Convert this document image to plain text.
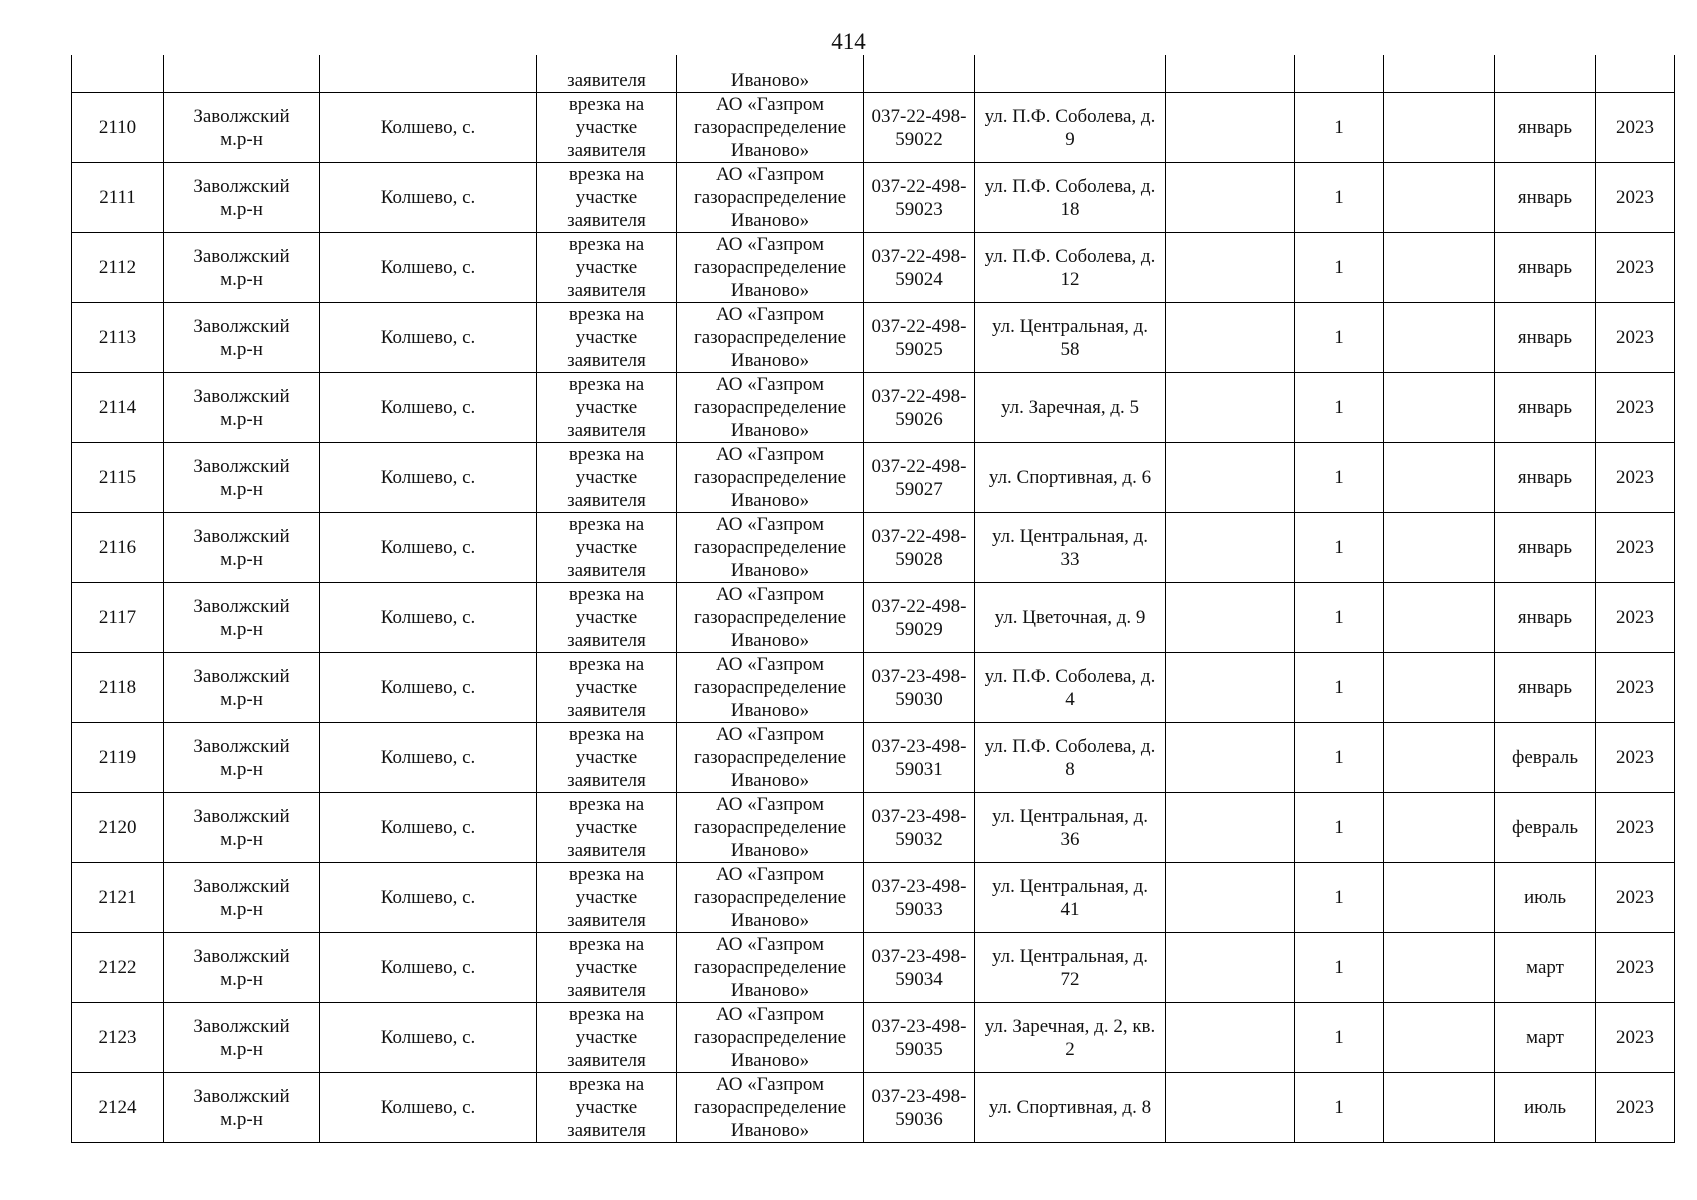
414
			заявителя	Иваново»							
2110	Заволжский м.р-н	Колшево, с.	врезка на участке заявителя	АО «Газпром газораспределение Иваново»	037-22-498-59022	ул. П.Ф. Соболева, д. 9		1		январь	2023
2111	Заволжский м.р-н	Колшево, с.	врезка на участке заявителя	АО «Газпром газораспределение Иваново»	037-22-498-59023	ул. П.Ф. Соболева, д. 18		1		январь	2023
2112	Заволжский м.р-н	Колшево, с.	врезка на участке заявителя	АО «Газпром газораспределение Иваново»	037-22-498-59024	ул. П.Ф. Соболева, д. 12		1		январь	2023
2113	Заволжский м.р-н	Колшево, с.	врезка на участке заявителя	АО «Газпром газораспределение Иваново»	037-22-498-59025	ул. Центральная, д. 58		1		январь	2023
2114	Заволжский м.р-н	Колшево, с.	врезка на участке заявителя	АО «Газпром газораспределение Иваново»	037-22-498-59026	ул. Заречная, д. 5		1		январь	2023
2115	Заволжский м.р-н	Колшево, с.	врезка на участке заявителя	АО «Газпром газораспределение Иваново»	037-22-498-59027	ул. Спортивная, д. 6		1		январь	2023
2116	Заволжский м.р-н	Колшево, с.	врезка на участке заявителя	АО «Газпром газораспределение Иваново»	037-22-498-59028	ул. Центральная, д. 33		1		январь	2023
2117	Заволжский м.р-н	Колшево, с.	врезка на участке заявителя	АО «Газпром газораспределение Иваново»	037-22-498-59029	ул. Цветочная, д. 9		1		январь	2023
2118	Заволжский м.р-н	Колшево, с.	врезка на участке заявителя	АО «Газпром газораспределение Иваново»	037-23-498-59030	ул. П.Ф. Соболева, д. 4		1		январь	2023
2119	Заволжский м.р-н	Колшево, с.	врезка на участке заявителя	АО «Газпром газораспределение Иваново»	037-23-498-59031	ул. П.Ф. Соболева, д. 8		1		февраль	2023
2120	Заволжский м.р-н	Колшево, с.	врезка на участке заявителя	АО «Газпром газораспределение Иваново»	037-23-498-59032	ул. Центральная, д. 36		1		февраль	2023
2121	Заволжский м.р-н	Колшево, с.	врезка на участке заявителя	АО «Газпром газораспределение Иваново»	037-23-498-59033	ул. Центральная, д. 41		1		июль	2023
2122	Заволжский м.р-н	Колшево, с.	врезка на участке заявителя	АО «Газпром газораспределение Иваново»	037-23-498-59034	ул. Центральная, д. 72		1		март	2023
2123	Заволжский м.р-н	Колшево, с.	врезка на участке заявителя	АО «Газпром газораспределение Иваново»	037-23-498-59035	ул. Заречная, д. 2, кв. 2		1		март	2023
2124	Заволжский м.р-н	Колшево, с.	врезка на участке заявителя	АО «Газпром газораспределение Иваново»	037-23-498-59036	ул. Спортивная, д. 8		1		июль	2023
